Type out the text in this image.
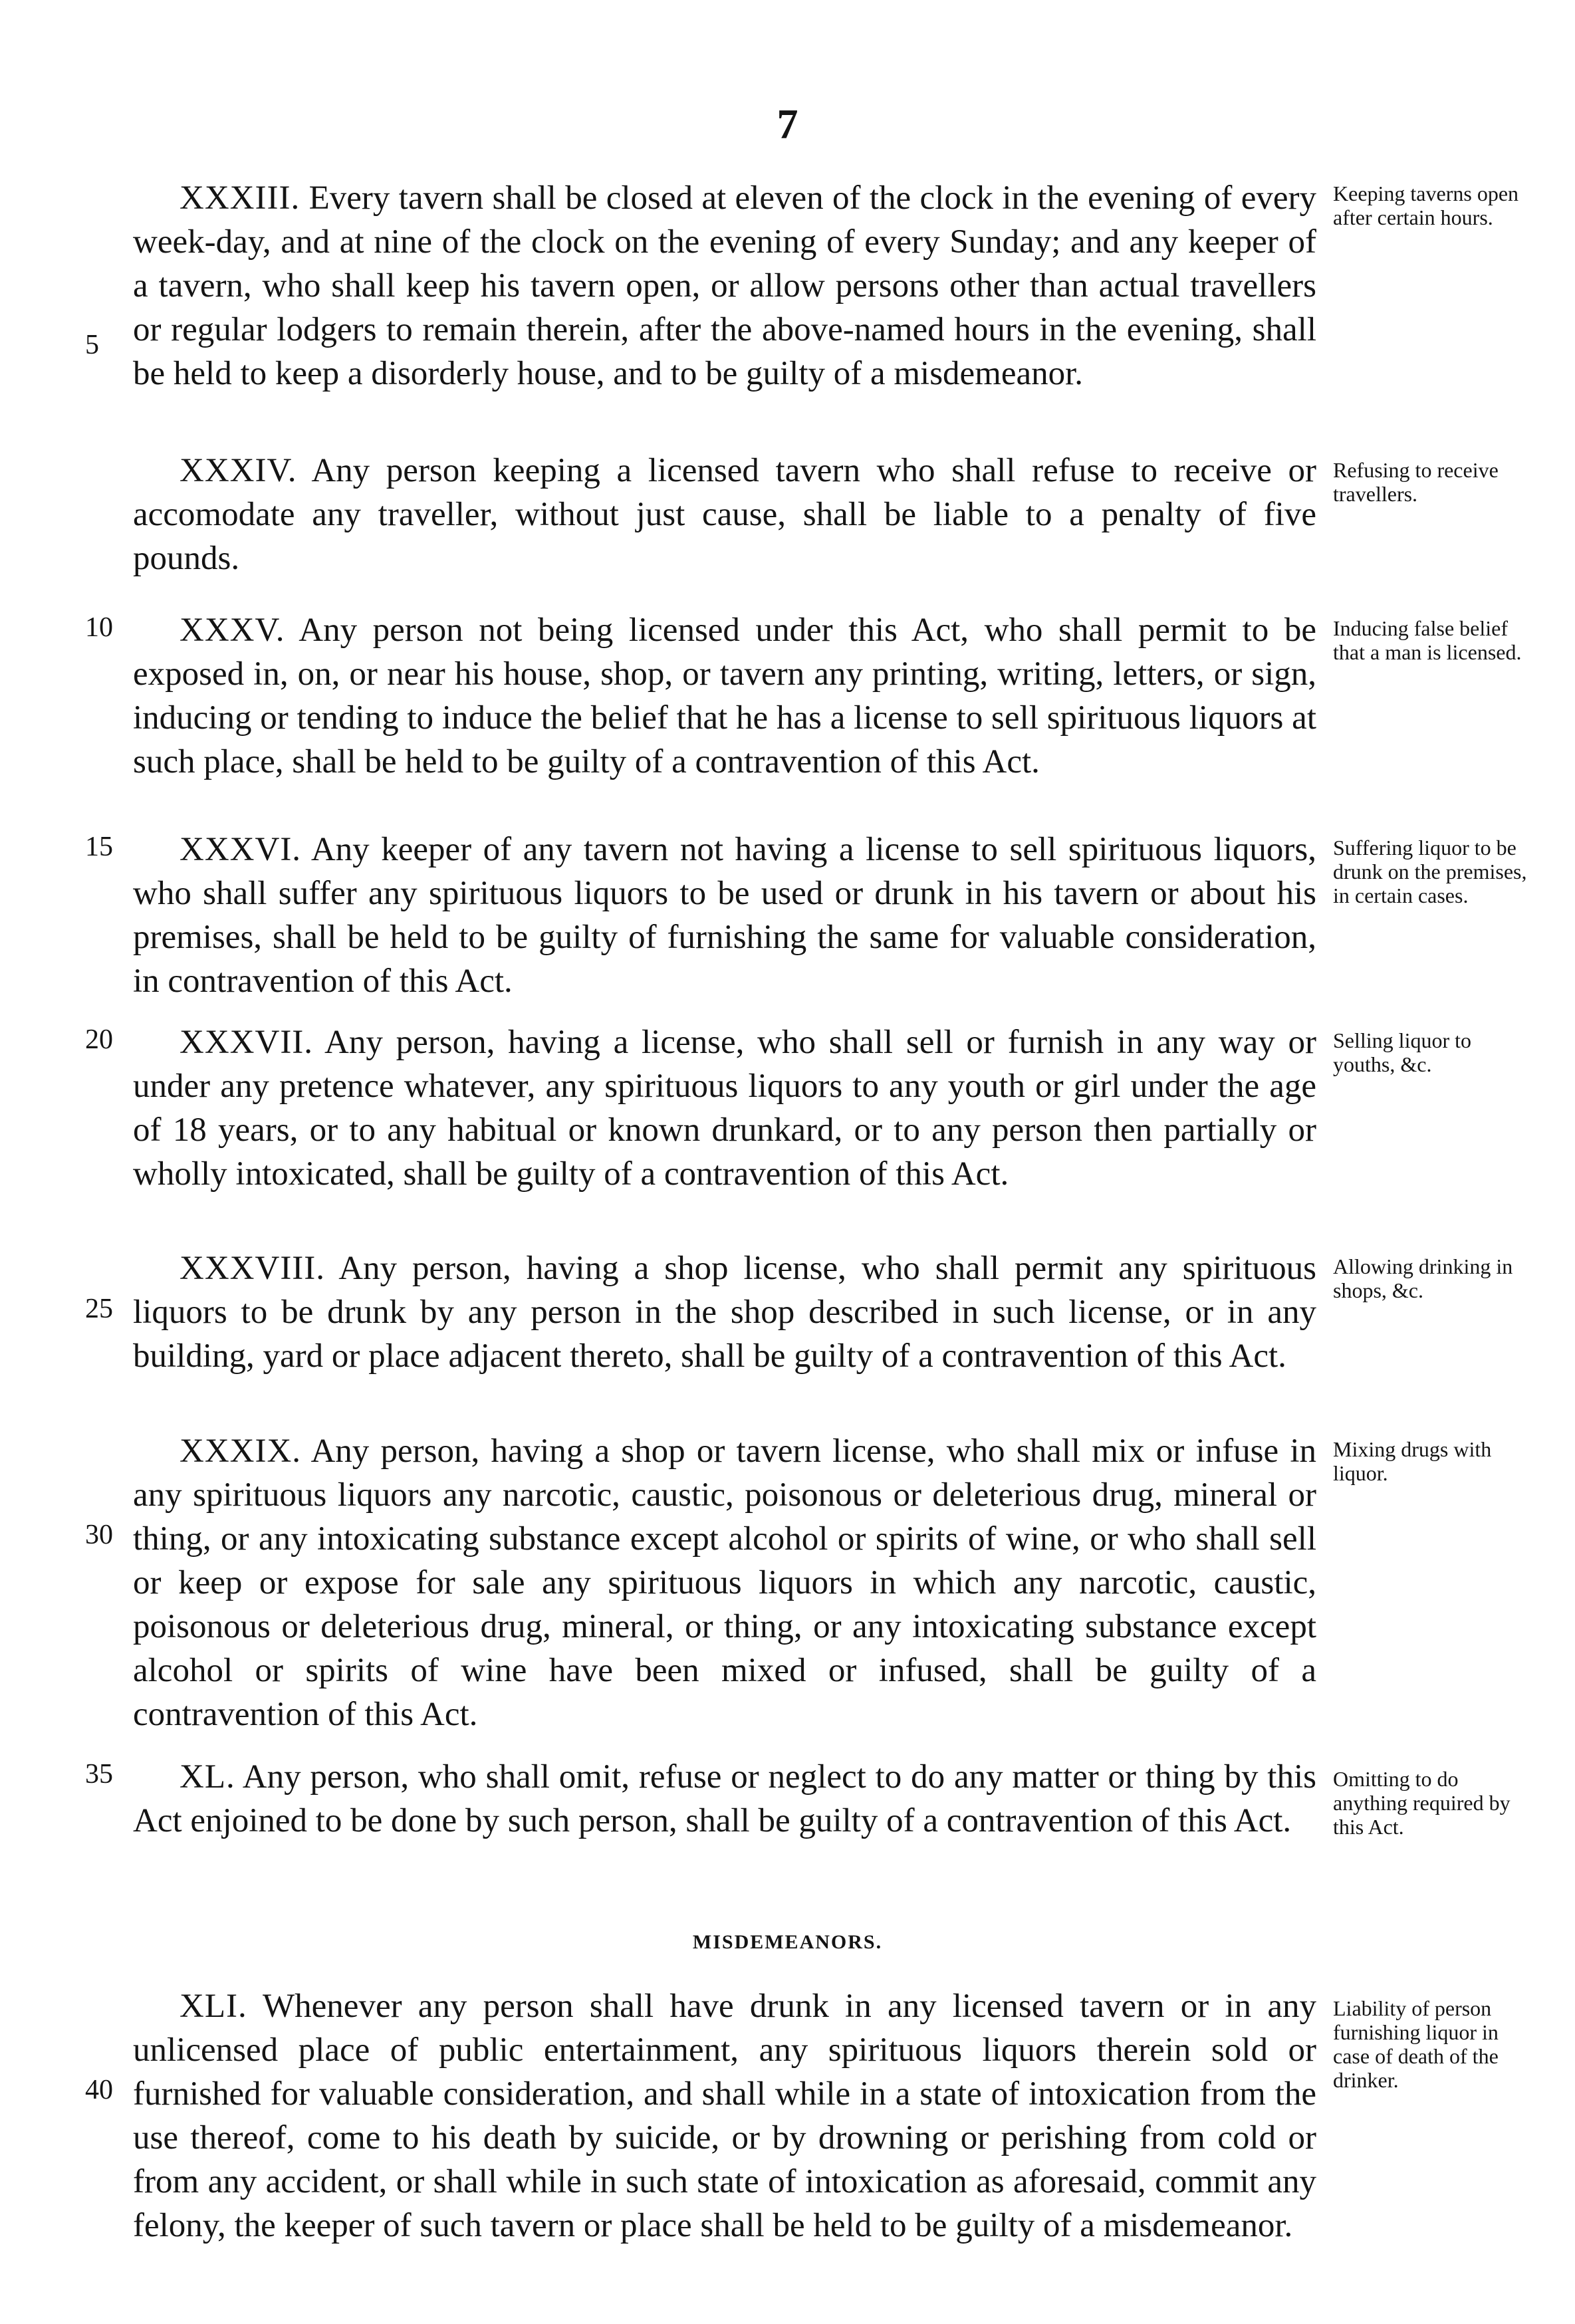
7
XXXIII. Every tavern shall be closed at eleven of the clock in the evening of every week-day, and at nine of the clock on the evening of every Sunday; and any keeper of a tavern, who shall keep his tavern open, or allow persons other than actual travellers or regular lodgers to remain therein, after the above-named hours in the evening, shall be held to keep a disorderly house, and to be guilty of a misdemeanor.
Keeping taverns open after certain hours.
XXXIV. Any person keeping a licensed tavern who shall refuse to receive or accomodate any traveller, without just cause, shall be liable to a penalty of five pounds.
Refusing to receive travellers.
XXXV. Any person not being licensed under this Act, who shall permit to be exposed in, on, or near his house, shop, or tavern any printing, writing, letters, or sign, inducing or tending to induce the belief that he has a license to sell spirituous liquors at such place, shall be held to be guilty of a contravention of this Act.
Inducing false belief that a man is licensed.
XXXVI. Any keeper of any tavern not having a license to sell spirituous liquors, who shall suffer any spirituous liquors to be used or drunk in his tavern or about his premises, shall be held to be guilty of furnishing the same for valuable consideration, in contravention of this Act.
Suffering liquor to be drunk on the premises, in certain cases.
XXXVII. Any person, having a license, who shall sell or furnish in any way or under any pretence whatever, any spirituous liquors to any youth or girl under the age of 18 years, or to any habitual or known drunkard, or to any person then partially or wholly intoxicated, shall be guilty of a contravention of this Act.
Selling liquor to youths, &c.
XXXVIII. Any person, having a shop license, who shall permit any spirituous liquors to be drunk by any person in the shop described in such license, or in any building, yard or place adjacent thereto, shall be guilty of a contravention of this Act.
Allowing drinking in shops, &c.
XXXIX. Any person, having a shop or tavern license, who shall mix or infuse in any spirituous liquors any narcotic, caustic, poisonous or deleterious drug, mineral or thing, or any intoxicating substance except alcohol or spirits of wine, or who shall sell or keep or expose for sale any spirituous liquors in which any narcotic, caustic, poisonous or deleterious drug, mineral, or thing, or any intoxicating substance except alcohol or spirits of wine have been mixed or infused, shall be guilty of a contravention of this Act.
Mixing drugs with liquor.
XL. Any person, who shall omit, refuse or neglect to do any matter or thing by this Act enjoined to be done by such person, shall be guilty of a contravention of this Act.
Omitting to do anything required by this Act.
MISDEMEANORS.
XLI. Whenever any person shall have drunk in any licensed tavern or in any unlicensed place of public entertainment, any spirituous liquors therein sold or furnished for valuable consideration, and shall while in a state of intoxication from the use thereof, come to his death by suicide, or by drowning or perishing from cold or from any accident, or shall while in such state of intoxication as aforesaid, commit any felony, the keeper of such tavern or place shall be held to be guilty of a misdemeanor.
Liability of person furnishing liquor in case of death of the drinker.
5
10
15
20
25
30
35
40
